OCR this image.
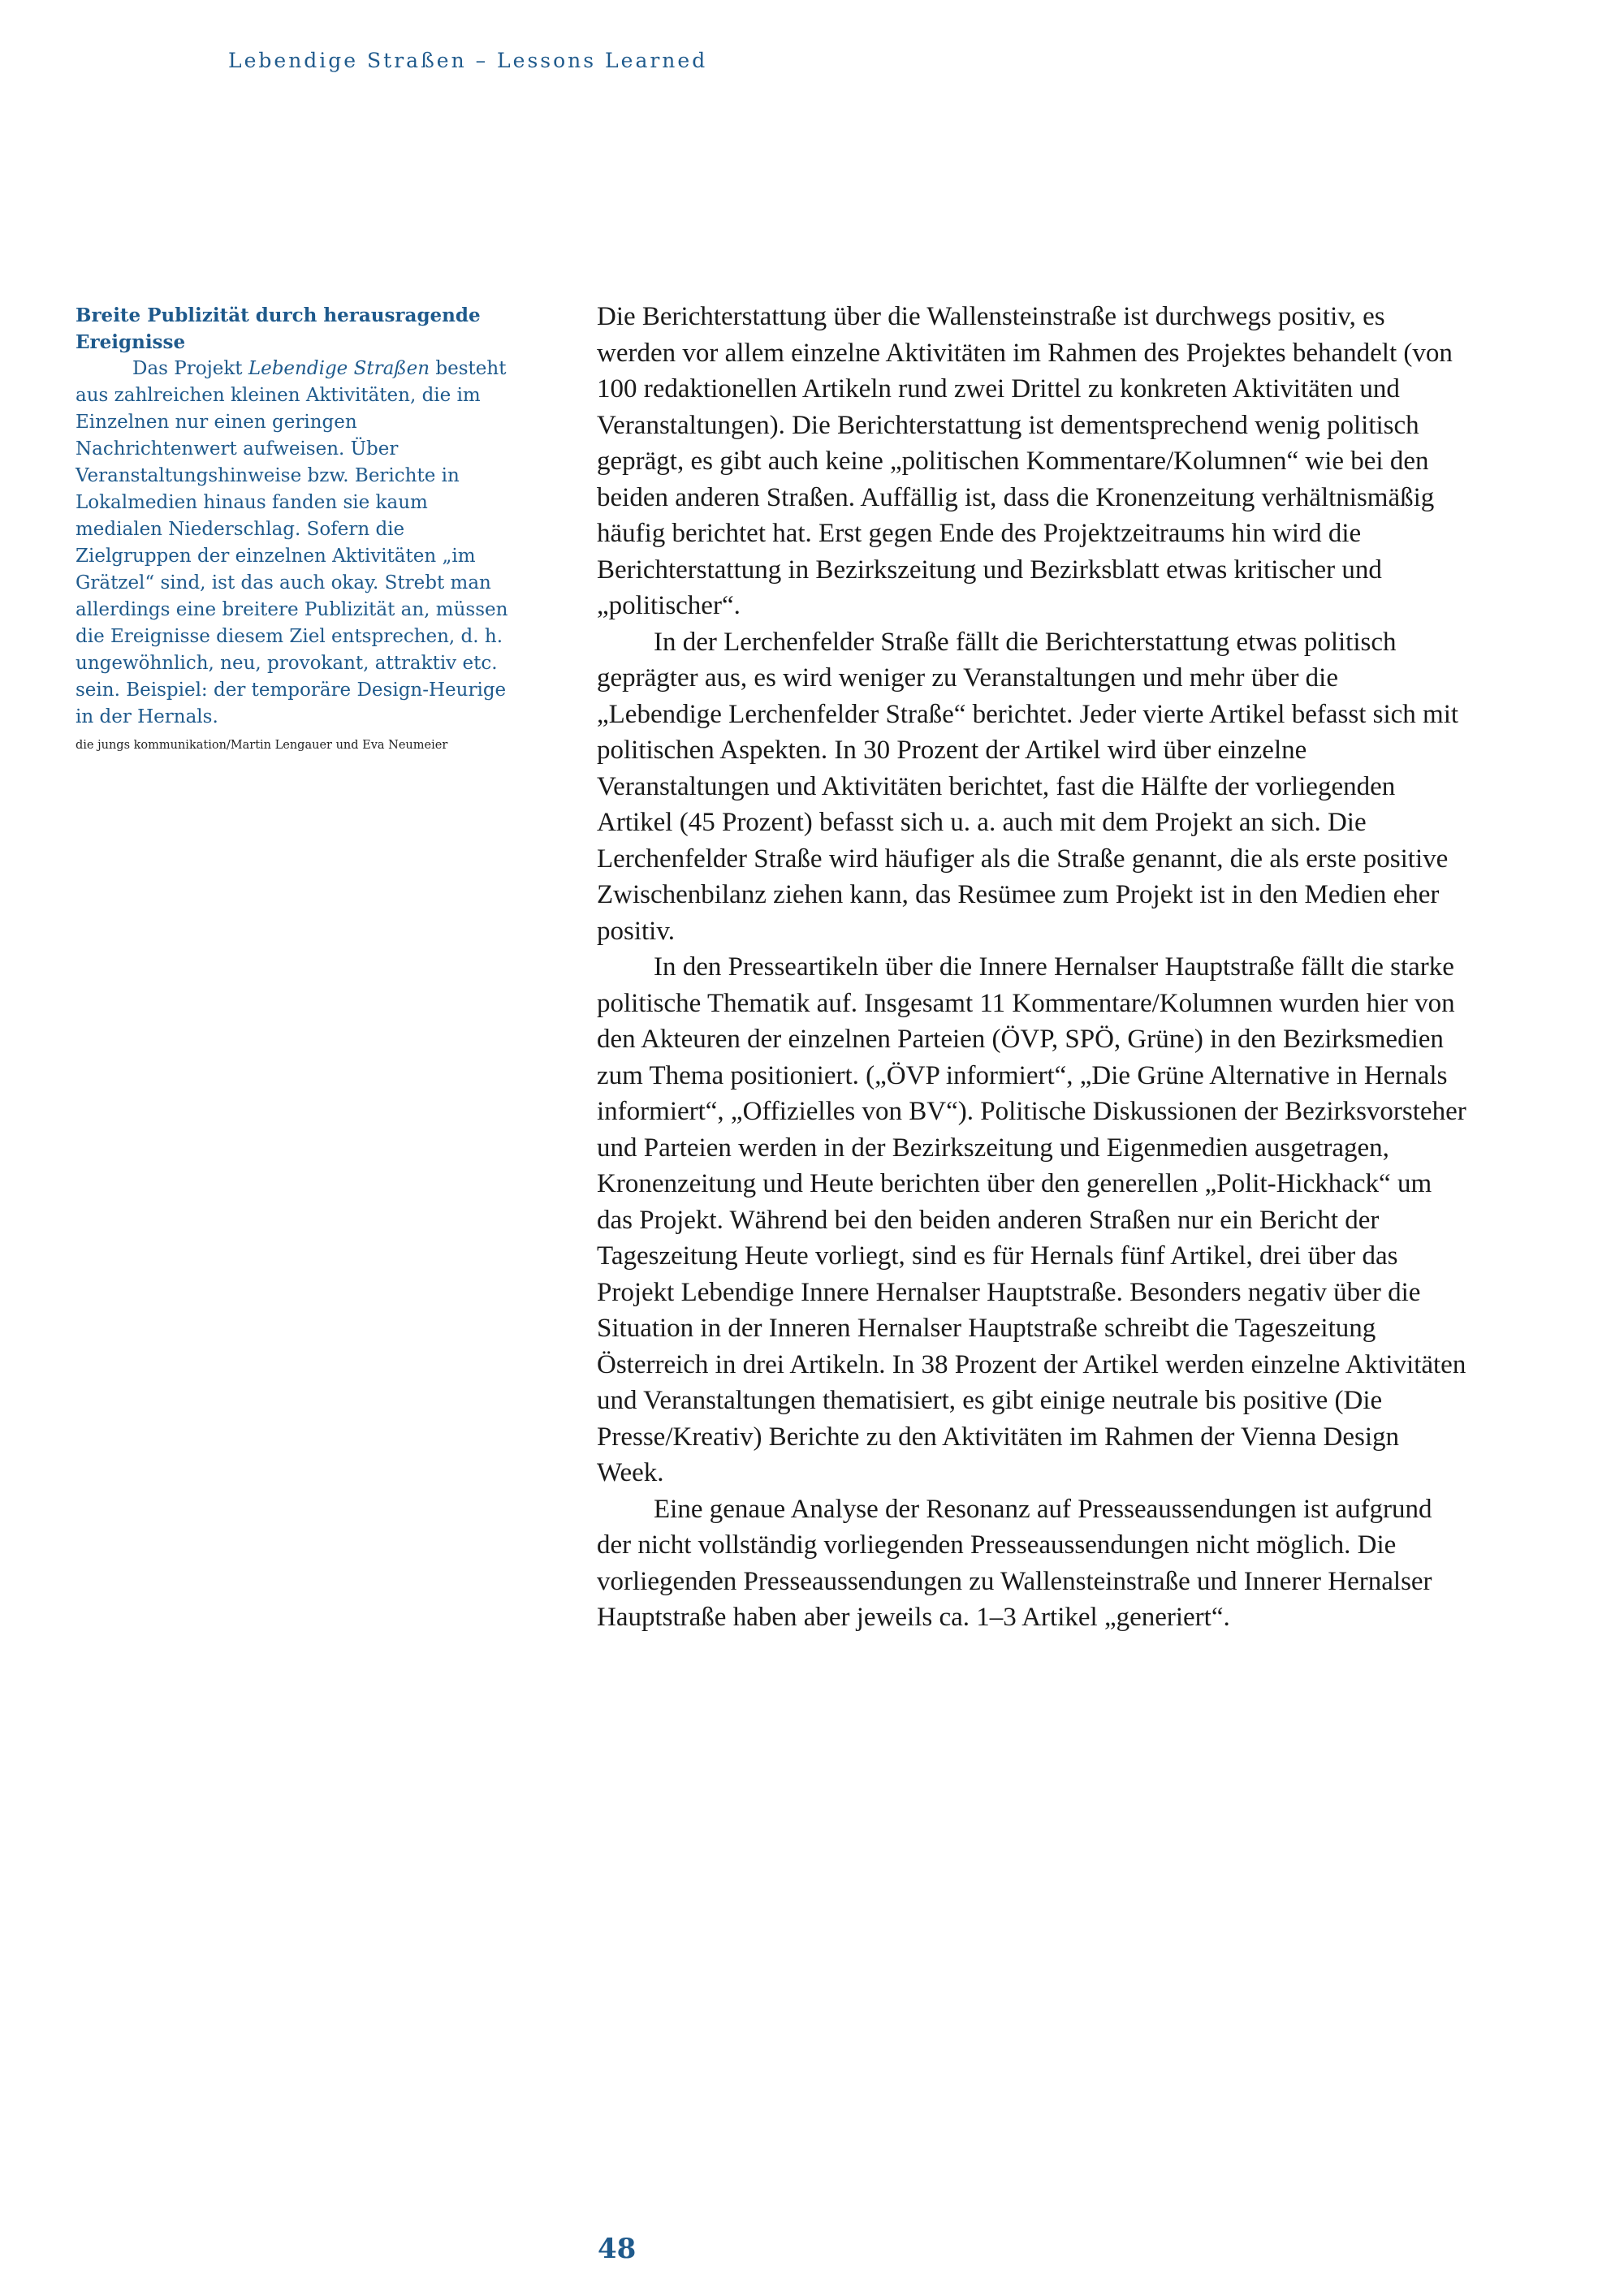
Lebendige Straßen – Lessons Learned
Breite Publizität durch herausragende Ereignisse

Das Projekt Lebendige Straßen besteht aus zahlreichen kleinen Aktivitäten, die im Einzelnen nur einen geringen Nachrichtenwert aufweisen. Über Veranstaltungshinweise bzw. Berichte in Lokalmedien hinaus fanden sie kaum medialen Niederschlag. Sofern die Zielgruppen der einzelnen Aktivitäten „im Grätzel“ sind, ist das auch okay. Strebt man allerdings eine breitere Publizität an, müssen die Ereignisse diesem Ziel entsprechen, d. h. ungewöhnlich, neu, provokant, attraktiv etc. sein. Beispiel: der temporäre Design-Heurige in der Hernals.

die jungs kommunikation/Martin Lengauer und Eva Neumeier

Die Berichterstattung über die Wallensteinstraße ist durchwegs positiv, es werden vor allem einzelne Aktivitäten im Rahmen des Projektes behandelt (von 100 redaktionellen Artikeln rund zwei Drittel zu konkreten Aktivitäten und Veranstaltungen). Die Berichterstattung ist dementsprechend wenig politisch geprägt, es gibt auch keine „politischen Kommentare/Kolumnen“ wie bei den beiden anderen Straßen. Auffällig ist, dass die Kronenzeitung verhältnismäßig häufig berichtet hat. Erst gegen Ende des Projektzeitraums hin wird die Berichterstattung in Bezirkszeitung und Bezirksblatt etwas kritischer und „politischer“.

In der Lerchenfelder Straße fällt die Berichterstattung etwas politisch geprägter aus, es wird weniger zu Veranstaltungen und mehr über die „Lebendige Lerchenfelder Straße“ berichtet. Jeder vierte Artikel befasst sich mit politischen Aspekten. In 30 Prozent der Artikel wird über einzelne Veranstaltungen und Aktivitäten berichtet, fast die Hälfte der vorliegenden Artikel (45 Prozent) befasst sich u. a. auch mit dem Projekt an sich. Die Lerchenfelder Straße wird häufiger als die Straße genannt, die als erste positive Zwischenbilanz ziehen kann, das Resümee zum Projekt ist in den Medien eher positiv.

In den Presseartikeln über die Innere Hernalser Hauptstraße fällt die starke politische Thematik auf. Insgesamt 11 Kommentare/Kolumnen wurden hier von den Akteuren der einzelnen Parteien (ÖVP, SPÖ, Grüne) in den Bezirksmedien zum Thema positioniert. („ÖVP informiert“, „Die Grüne Alternative in Hernals informiert“, „Offizielles von BV“). Politische Diskussionen der Bezirksvorsteher und Parteien werden in der Bezirkszeitung und Eigenmedien ausgetragen, Kronenzeitung und Heute berichten über den generellen „Polit-Hickhack“ um das Projekt. Während bei den beiden anderen Straßen nur ein Bericht der Tageszeitung Heute vorliegt, sind es für Hernals fünf Artikel, drei über das Projekt Lebendige Innere Hernalser Hauptstraße. Besonders negativ über die Situation in der Inneren Hernalser Hauptstraße schreibt die Tageszeitung Österreich in drei Artikeln. In 38 Prozent der Artikel werden einzelne Aktivitäten und Veranstaltungen thematisiert, es gibt einige neutrale bis positive (Die Presse/Kreativ) Berichte zu den Aktivitäten im Rahmen der Vienna Design Week.

Eine genaue Analyse der Resonanz auf Presseaussendungen ist aufgrund der nicht vollständig vorliegenden Presseaussendungen nicht möglich. Die vorliegenden Presseaussendungen zu Wallensteinstraße und Innerer Hernalser Hauptstraße haben aber jeweils ca. 1–3 Artikel „generiert“.

48
